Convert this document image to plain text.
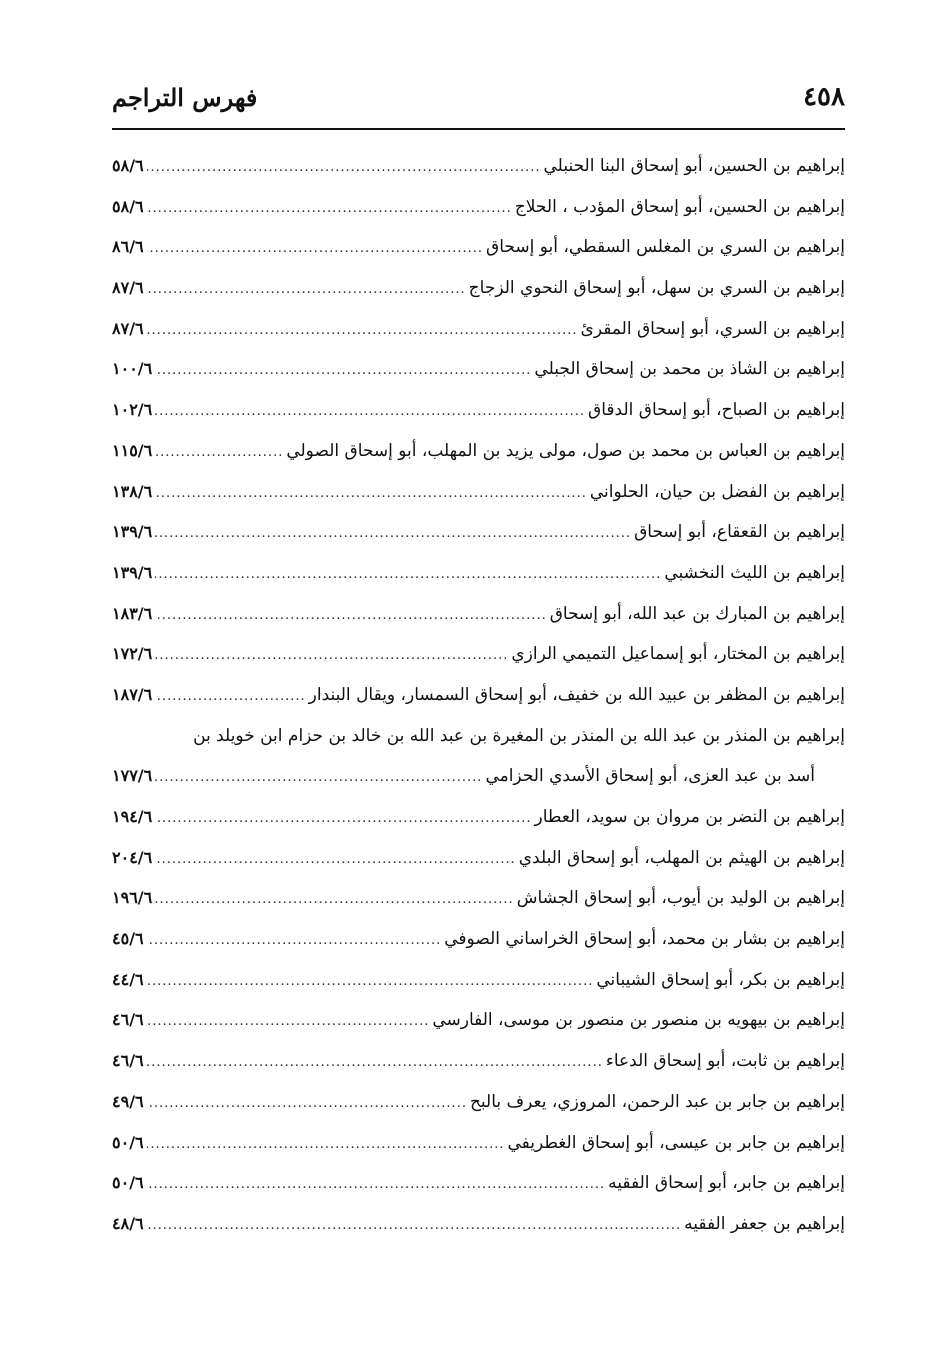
٤٥٨
فهرس التراجم
إبراهيم بن الحسين، أبو إسحاق البنا الحنبلي
.....
٥٨/٦
إبراهيم بن الحسين، أبو إسحاق المؤدب ، الحلاج
.....
٥٨/٦
إبراهيم بن السري بن المغلس السقطي، أبو إسحاق
.....
٨٦/٦
إبراهيم بن السري بن سهل، أبو إسحاق النحوي الزجاج
.....
٨٧/٦
إبراهيم بن السري، أبو إسحاق المقرئ
.....
٨٧/٦
إبراهيم بن الشاذ بن محمد بن إسحاق الجبلي
.....
١٠٠/٦
إبراهيم بن الصباح، أبو إسحاق الدقاق
.....
١٠٢/٦
إبراهيم بن العباس بن محمد بن صول، مولى يزيد بن المهلب، أبو إسحاق الصولي
.....
١١٥/٦
إبراهيم بن الفضل بن حيان، الحلواني
.....
١٣٨/٦
إبراهيم بن القعقاع، أبو إسحاق
.....
١٣٩/٦
إبراهيم بن الليث النخشبي
.....
١٣٩/٦
إبراهيم بن المبارك بن عبد الله، أبو إسحاق
.....
١٨٣/٦
إبراهيم بن المختار، أبو إسماعيل التميمي الرازي
.....
١٧٢/٦
إبراهيم بن المظفر بن عبيد الله بن خفيف، أبو إسحاق السمسار، ويقال البندار
.....
١٨٧/٦
إبراهيم بن المنذر بن عبد الله بن المنذر بن المغيرة بن عبد الله بن خالد بن حزام ابن خويلد بن
أسد بن عبد العزى، أبو إسحاق الأسدي الحزامي
.....
١٧٧/٦
إبراهيم بن النضر بن مروان بن سويد، العطار
.....
١٩٤/٦
إبراهيم بن الهيثم بن المهلب، أبو إسحاق البلدي
.....
٢٠٤/٦
إبراهيم بن الوليد بن أيوب، أبو إسحاق الجشاش
.....
١٩٦/٦
إبراهيم بن بشار بن محمد، أبو إسحاق الخراساني الصوفي
.....
٤٥/٦
إبراهيم بن بكر، أبو إسحاق الشيباني
.....
٤٤/٦
إبراهيم بن بيهويه بن منصور بن منصور بن موسى، الفارسي
.....
٤٦/٦
إبراهيم بن ثابت، أبو إسحاق الدعاء
.....
٤٦/٦
إبراهيم بن جابر بن عبد الرحمن، المروزي، يعرف بالبح
.....
٤٩/٦
إبراهيم بن جابر بن عيسى، أبو إسحاق الغطريفي
.....
٥٠/٦
إبراهيم بن جابر، أبو إسحاق الفقيه
.....
٥٠/٦
إبراهيم بن جعفر الفقيه
.....
٤٨/٦
